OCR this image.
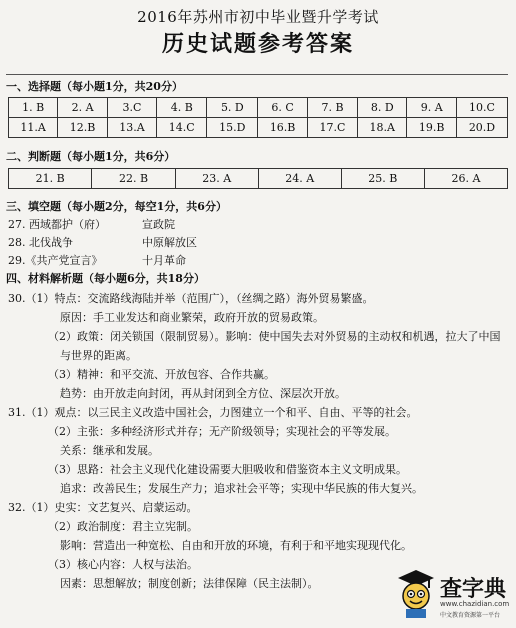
2016年苏州市初中毕业暨升学考试
历史试题参考答案
一、选择题（每小题1分，共20分）
1. B	2. A	3.C	4. B	5. D	6. C	7. B	8. D	9. A	10.C
11.A	12.B	13.A	14.C	15.D	16.B	17.C	18.A	19.B	20.D
二、判断题（每小题1分，共6分）
21. B	22. B	23. A	24. A	25. B	26. A
三、填空题（每小题2分，每空1分，共6分）
27. 西域都护（府）	宣政院
28. 北伐战争	中原解放区
29.《共产党宣言》	十月革命
四、材料解析题（每小题6分，共18分）
30.（1）特点：交流路线海陆并举（范围广），（丝绸之路）海外贸易繁盛。
原因：手工业发达和商业繁荣，政府开放的贸易政策。
（2）政策：闭关锁国（限制贸易）。影响：使中国失去对外贸易的主动权和机遇，拉大了中国
与世界的距离。
（3）精神：和平交流、开放包容、合作共赢。
趋势：由开放走向封闭，再从封闭到全方位、深层次开放。
31.（1）观点：以三民主义改造中国社会，力图建立一个和平、自由、平等的社会。
（2）主张：多种经济形式并存；无产阶级领导；实现社会的平等发展。
关系：继承和发展。
（3）思路：社会主义现代化建设需要大胆吸收和借鉴资本主义文明成果。
追求：改善民生；发展生产力；追求社会平等；实现中华民族的伟大复兴。
32.（1）史实：文艺复兴、启蒙运动。
（2）政治制度：君主立宪制。
影响：营造出一种宽松、自由和开放的环境，有利于和平地实现现代化。
（3）核心内容：人权与法治。
因素：思想解放；制度创新；法律保障（民主法制）。	查字典
www.chazidian.com
中文教育资源第一平台
